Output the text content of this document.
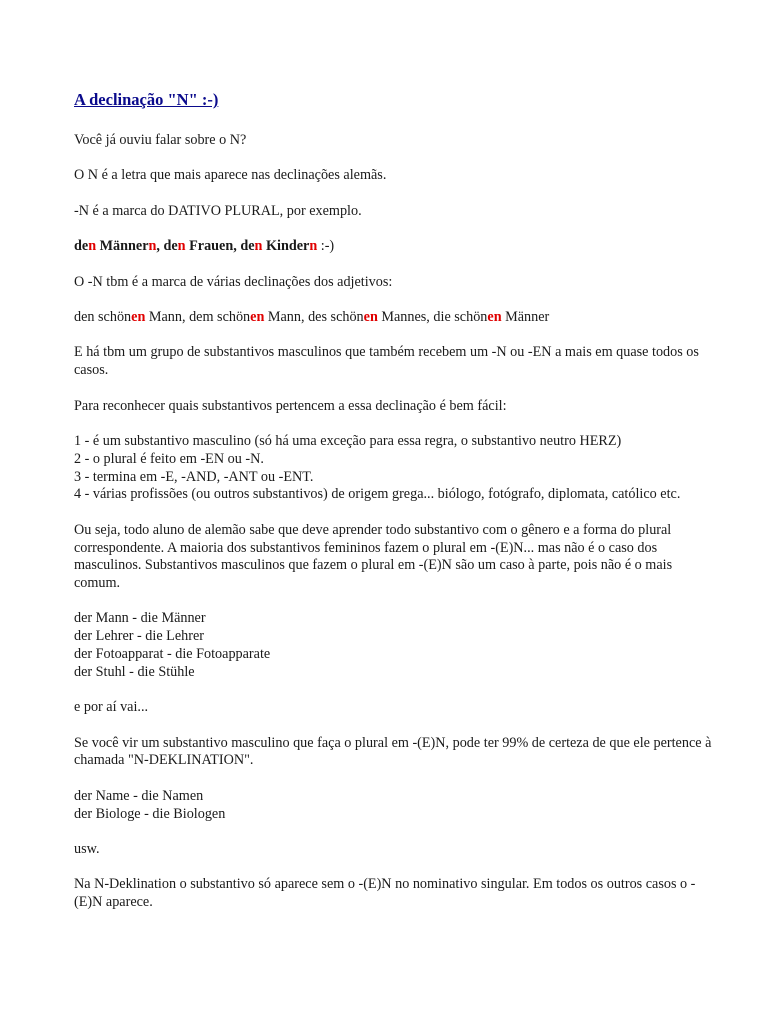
A declinação "N" :-)

Você já ouviu falar sobre o N?

O N é a letra que mais aparece nas declinações alemãs.

-N é a marca do DATIVO PLURAL, por exemplo.

den Männern, den Frauen, den Kindern :-)

O -N tbm é a marca de várias declinações dos adjetivos:

den schönen Mann, dem schönen Mann, des schönen Mannes, die schönen Männer

E há tbm um grupo de substantivos masculinos que também recebem um -N ou -EN a mais em quase todos os casos.

Para reconhecer quais substantivos pertencem a essa declinação é bem fácil:

1 - é um substantivo masculino (só há uma exceção para essa regra, o substantivo neutro HERZ)
2 - o plural é feito em -EN ou -N.
3 - termina em -E, -AND, -ANT ou -ENT.
4 - várias profissões (ou outros substantivos) de origem grega... biólogo, fotógrafo, diplomata, católico etc.

Ou seja, todo aluno de alemão sabe que deve aprender todo substantivo com o gênero e a forma do plural correspondente. A maioria dos substantivos femininos fazem o plural em -(E)N... mas não é o caso dos masculinos. Substantivos masculinos que fazem o plural em -(E)N são um caso à parte, pois não é o mais comum.

der Mann - die Männer
der Lehrer - die Lehrer
der Fotoapparat - die Fotoapparate
der Stuhl - die Stühle

e por aí vai...

Se você vir um substantivo masculino que faça o plural em -(E)N, pode ter 99% de certeza de que ele pertence à chamada "N-DEKLINATION".

der Name - die Namen
der Biologe - die Biologen

usw.

Na N-Deklination o substantivo só aparece sem o -(E)N no nominativo singular. Em todos os outros casos o -(E)N aparece.
